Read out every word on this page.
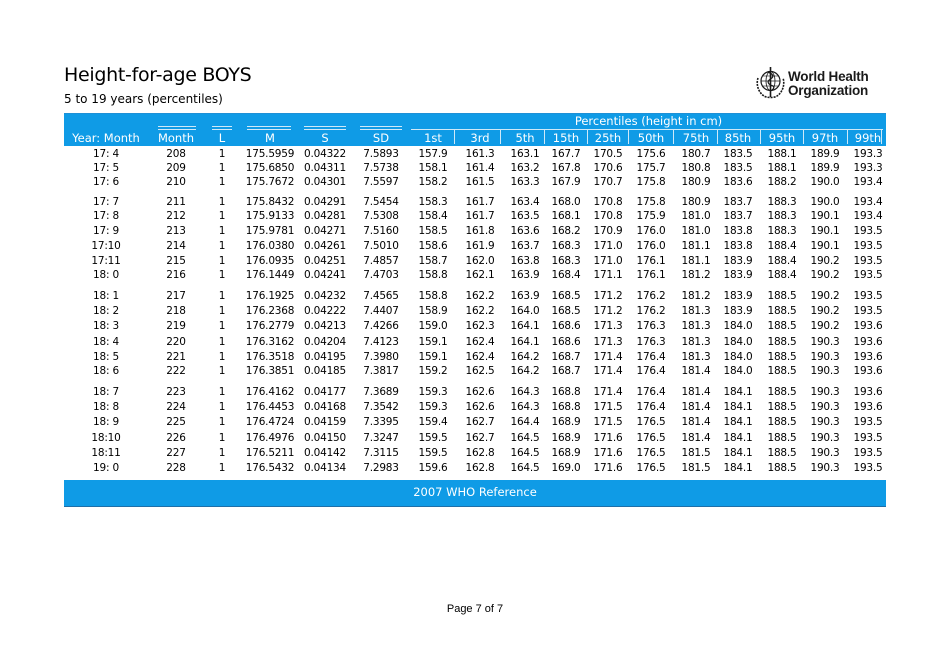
Height-for-age BOYS
5 to 19 years (percentiles)
World Health
Organization
Percentiles (height in cm)
Year: Month	Month	L	M	S	SD	1st	3rd	5th	15th	25th	50th	75th	85th	95th	97th	99th
17: 4	208	1	175.5959 0.04322	7.5893	157.9	161.3	163.1	167.7	170.5	175.6	180.7	183.5	188.1	189.9	193.3
17: 5	209	1	175.6850 0.04311	7.5738	158.1	161.4	163.2	167.8	170.6	175.7	180.8	183.5	188.1	189.9	193.3
17: 6	210	1	175.7672 0.04301	7.5597	158.2	161.5	163.3	167.9	170.7	175.8	180.9	183.6	188.2	190.0	193.4
17: 7	211	1	175.8432 0.04291	7.5454	158.3	161.7	163.4	168.0	170.8	175.8	180.9	183.7	188.3	190.0	193.4
17: 8	212	1	175.9133 0.04281	7.5308	158.4	161.7	163.5	168.1	170.8	175.9	181.0	183.7	188.3	190.1	193.4
17: 9	213	1	175.9781 0.04271	7.5160	158.5	161.8	163.6	168.2	170.9	176.0	181.0	183.8	188.3	190.1	193.5
17:10	214	1	176.0380 0.04261	7.5010	158.6	161.9	163.7	168.3	171.0	176.0	181.1	183.8	188.4	190.1	193.5
17:11	215	1	176.0935 0.04251	7.4857	158.7	162.0	163.8	168.3	171.0	176.1	181.1	183.9	188.4	190.2	193.5
18: 0	216	1	176.1449 0.04241	7.4703	158.8	162.1	163.9	168.4	171.1	176.1	181.2	183.9	188.4	190.2	193.5
18: 1	217	1	176.1925 0.04232	7.4565	158.8	162.2	163.9	168.5	171.2	176.2	181.2	183.9	188.5	190.2	193.5
18: 2	218	1	176.2368 0.04222	7.4407	158.9	162.2	164.0	168.5	171.2	176.2	181.3	183.9	188.5	190.2	193.5
18: 3	219	1	176.2779 0.04213	7.4266	159.0	162.3	164.1	168.6	171.3	176.3	181.3	184.0	188.5	190.2	193.6
18: 4	220	1	176.3162 0.04204	7.4123	159.1	162.4	164.1	168.6	171.3	176.3	181.3	184.0	188.5	190.3	193.6
18: 5	221	1	176.3518 0.04195	7.3980	159.1	162.4	164.2	168.7	171.4	176.4	181.3	184.0	188.5	190.3	193.6
18: 6	222	1	176.3851 0.04185	7.3817	159.2	162.5	164.2	168.7	171.4	176.4	181.4	184.0	188.5	190.3	193.6
18: 7	223	1	176.4162 0.04177	7.3689	159.3	162.6	164.3	168.8	171.4	176.4	181.4	184.1	188.5	190.3	193.6
18: 8	224	1	176.4453 0.04168	7.3542	159.3	162.6	164.3	168.8	171.5	176.4	181.4	184.1	188.5	190.3	193.6
18: 9	225	1	176.4724 0.04159	7.3395	159.4	162.7	164.4	168.9	171.5	176.5	181.4	184.1	188.5	190.3	193.5
18:10	226	1	176.4976 0.04150	7.3247	159.5	162.7	164.5	168.9	171.6	176.5	181.4	184.1	188.5	190.3	193.5
18:11	227	1	176.5211 0.04142	7.3115	159.5	162.8	164.5	168.9	171.6	176.5	181.5	184.1	188.5	190.3	193.5
19: 0	228	1	176.5432 0.04134	7.2983	159.6	162.8	164.5	169.0	171.6	176.5	181.5	184.1	188.5	190.3	193.5
2007 WHO Reference
Page 7 of 7
